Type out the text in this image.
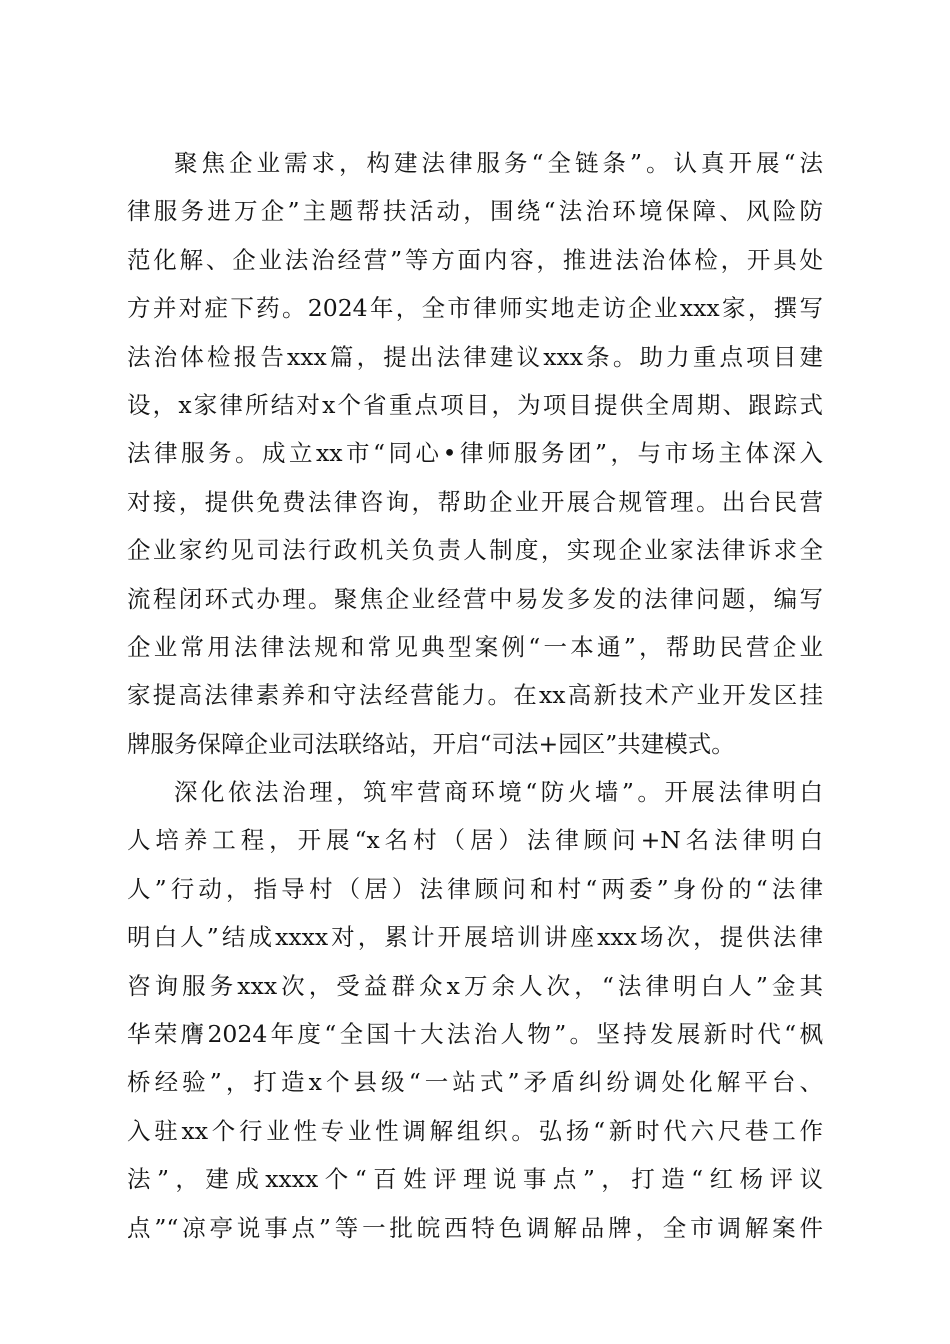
聚焦企业需求，构建法律服务“全链条”。认真开展“法
律服务进万企”主题帮扶活动，围绕“法治环境保障、风险防
范化解、企业法治经营”等方面内容，推进法治体检，开具处
方并对症下药。2024年，全市律师实地走访企业xxx家，撰写
法治体检报告xxx篇，提出法律建议xxx条。助力重点项目建
设，x家律所结对x个省重点项目，为项目提供全周期、跟踪式
法律服务。成立xx市“同心•律师服务团”，与市场主体深入
对接，提供免费法律咨询，帮助企业开展合规管理。出台民营
企业家约见司法行政机关负责人制度，实现企业家法律诉求全
流程闭环式办理。聚焦企业经营中易发多发的法律问题，编写
企业常用法律法规和常见典型案例“一本通”，帮助民营企业
家提高法律素养和守法经营能力。在xx高新技术产业开发区挂
牌服务保障企业司法联络站，开启“司法+园区”共建模式。
深化依法治理，筑牢营商环境“防火墙”。开展法律明白
人培养工程，开展“x名村（居）法律顾问+N名法律明白
人”行动，指导村（居）法律顾问和村“两委”身份的“法律
明白人”结成xxxx对，累计开展培训讲座xxx场次，提供法律
咨询服务xxx次，受益群众x万余人次，“法律明白人”金其
华荣膺2024年度“全国十大法治人物”。坚持发展新时代“枫
桥经验”，打造x个县级“一站式”矛盾纠纷调处化解平台、
入驻xx个行业性专业性调解组织。弘扬“新时代六尺巷工作
法”，建成xxxx个“百姓评理说事点”，打造“红杨评议
点”“凉亭说事点”等一批皖西特色调解品牌，全市调解案件
